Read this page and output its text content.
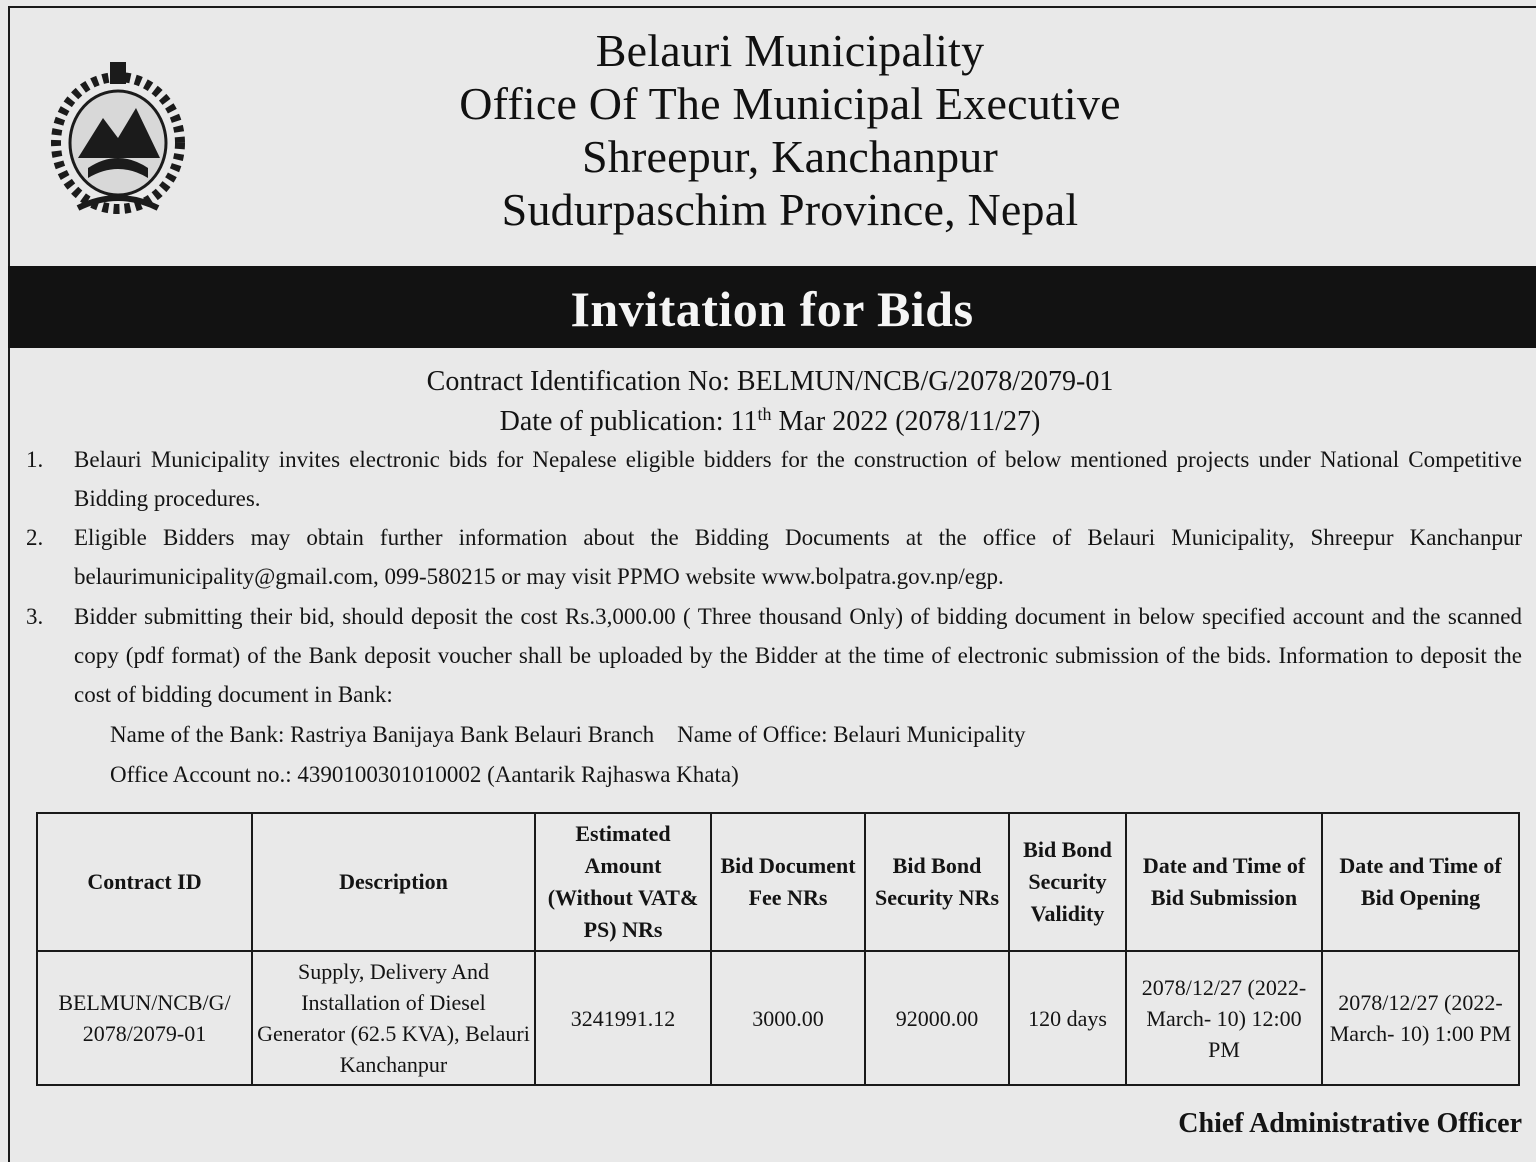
Belauri Municipality
Office Of The Municipal Executive
Shreepur, Kanchanpur
Sudurpaschim Province, Nepal
Invitation for Bids
Contract Identification No: BELMUN/NCB/G/2078/2079-01
Date of publication: 11th Mar 2022 (2078/11/27)
1.	Belauri Municipality invites electronic bids for Nepalese eligible bidders for the construction of below mentioned projects under National Competitive Bidding procedures.
2.	Eligible Bidders may obtain further information about the Bidding Documents at the office of Belauri Municipality, Shreepur Kanchanpur belaurimunicipality@gmail.com, 099-580215 or may visit PPMO website www.bolpatra.gov.np/egp.
3.	Bidder submitting their bid, should deposit the cost Rs.3,000.00 ( Three thousand Only) of bidding document in below specified account and the scanned copy (pdf format) of the Bank deposit voucher shall be uploaded by the Bidder at the time of electronic submission of the bids. Information to deposit the cost of bidding document in Bank:
Name of the Bank: Rastriya Banijaya Bank Belauri Branch    Name of Office: Belauri Municipality
Office Account no.: 4390100301010002 (Aantarik Rajhaswa Khata)
Contract ID	Description	Estimated Amount (Without VAT& PS) NRs	Bid Document Fee NRs	Bid Bond Security NRs	Bid Bond Security Validity	Date and Time of Bid Submission	Date and Time of Bid Opening
BELMUN/NCB/G/ 2078/2079-01	Supply, Delivery And Installation of Diesel Generator (62.5 KVA), Belauri Kanchanpur	3241991.12	3000.00	92000.00	120 days	2078/12/27 (2022-March- 10) 12:00 PM	2078/12/27 (2022-March- 10) 1:00 PM
Chief Administrative Officer
